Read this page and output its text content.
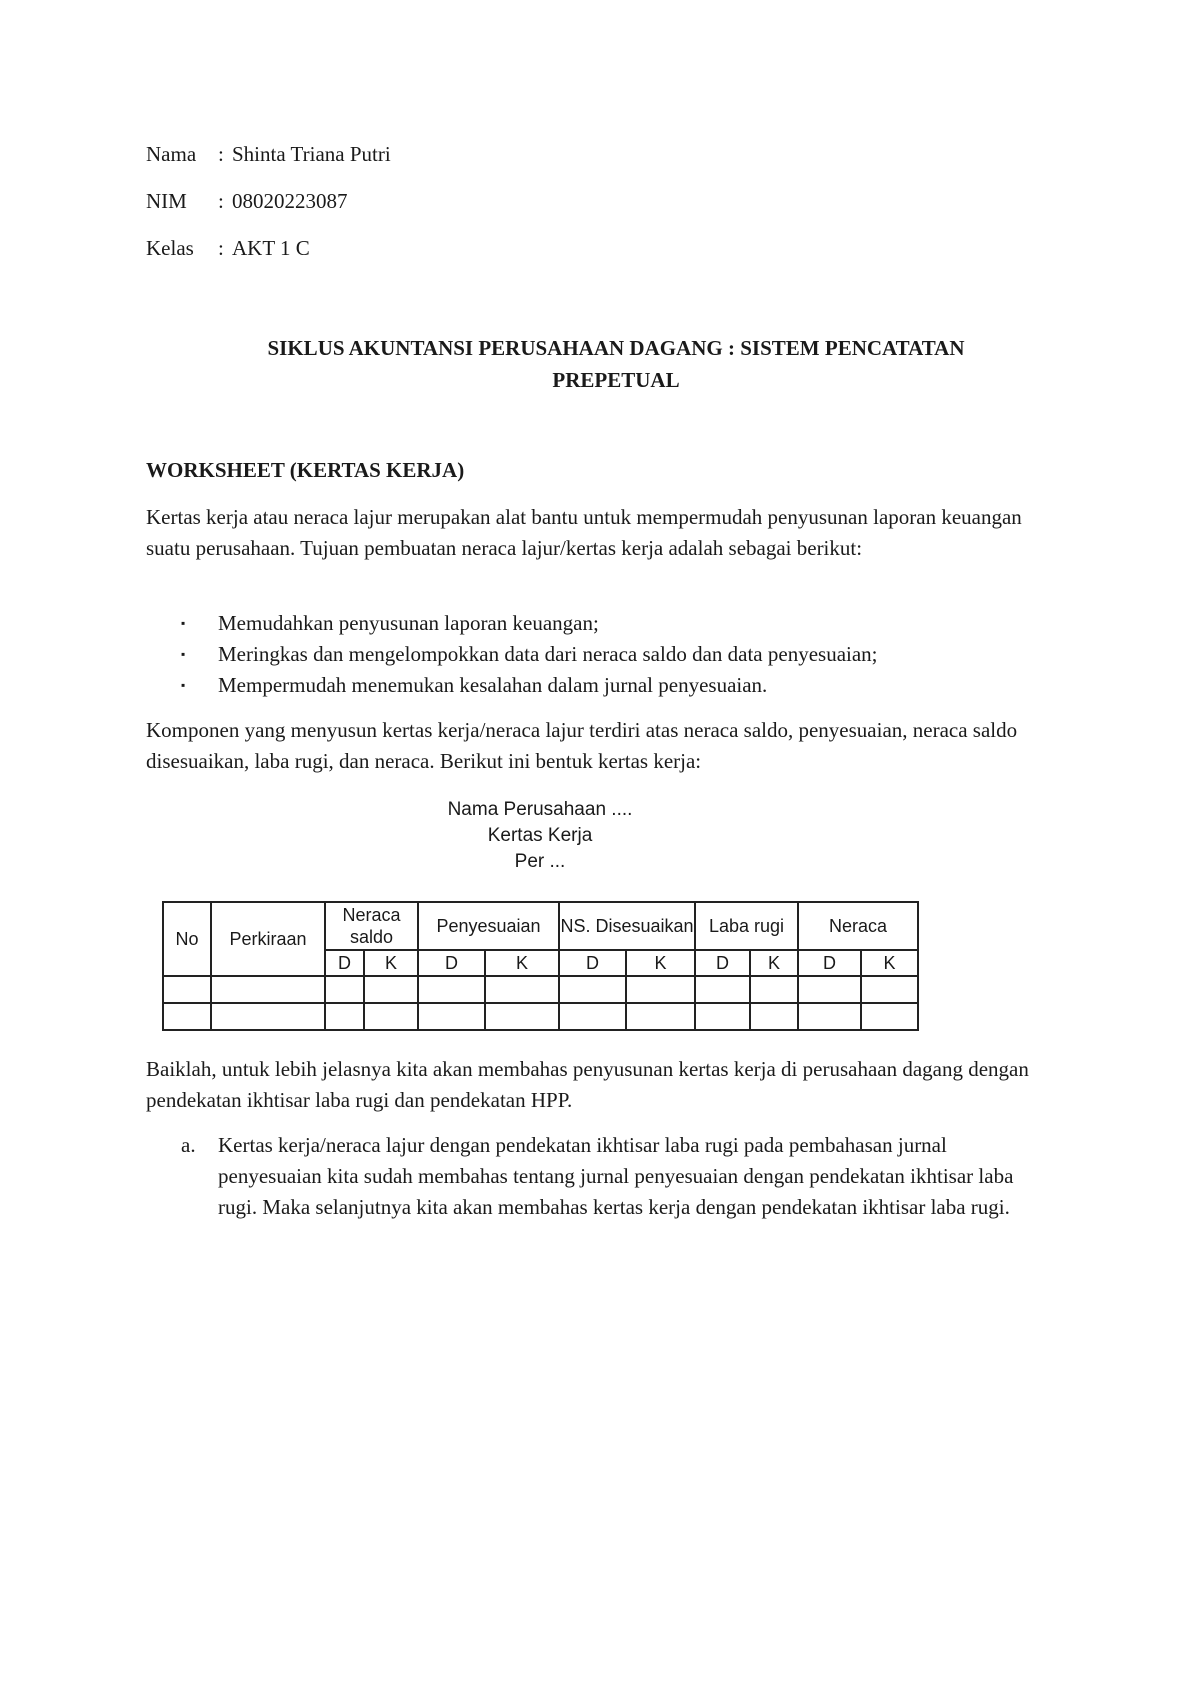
Nama	: Shinta Triana Putri
NIM	: 08020223087
Kelas	: AKT 1 C
SIKLUS AKUNTANSI PERUSAHAAN DAGANG : SISTEM PENCATATAN
PREPETUAL
WORKSHEET (KERTAS KERJA)

Kertas kerja atau neraca lajur merupakan alat bantu untuk mempermudah penyusunan laporan keuangan suatu perusahaan. Tujuan pembuatan neraca lajur/kertas kerja adalah sebagai berikut:

▪	Memudahkan penyusunan laporan keuangan;
▪	Meringkas dan mengelompokkan data dari neraca saldo dan data penyesuaian;
▪	Mempermudah menemukan kesalahan dalam jurnal penyesuaian.

Komponen yang menyusun kertas kerja/neraca lajur terdiri atas neraca saldo, penyesuaian, neraca saldo disesuaikan, laba rugi, dan neraca. Berikut ini bentuk kertas kerja:

Nama Perusahaan ....
Kertas Kerja
Per ...
No	Perkiraan	Neraca saldo		Penyesuaian		NS. Disesuaikan		Laba rugi		Neraca	
		D	K	D	K	D	K	D	K	D	K

Baiklah, untuk lebih jelasnya kita akan membahas penyusunan kertas kerja di perusahaan dagang dengan pendekatan ikhtisar laba rugi dan pendekatan HPP.

a.	Kertas kerja/neraca lajur dengan pendekatan ikhtisar laba rugi pada pembahasan jurnal penyesuaian kita sudah membahas tentang jurnal penyesuaian dengan pendekatan ikhtisar laba rugi. Maka selanjutnya kita akan membahas kertas kerja dengan pendekatan ikhtisar laba rugi.
